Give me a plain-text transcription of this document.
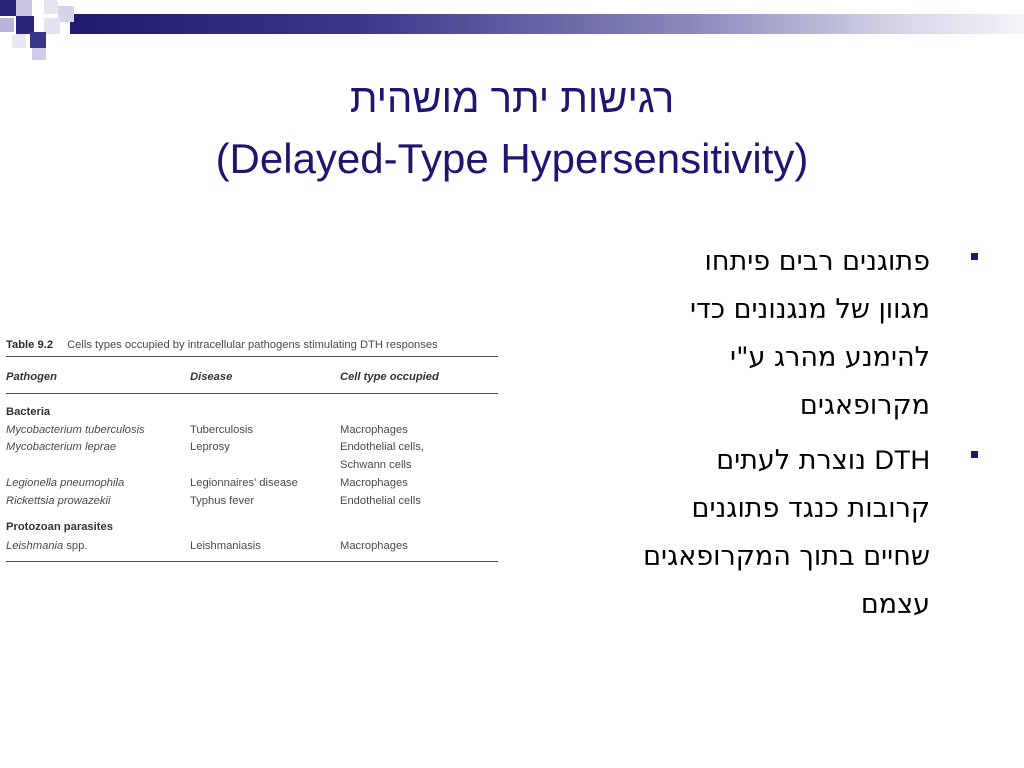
רגישות יתר מושהית
(Delayed-Type Hypersensitivity)
Table 9.2 Cells types occupied by intracellular pathogens stimulating DTH responses
Pathogen	Disease	Cell type occupied
Bacteria
Mycobacterium tuberculosis	Tuberculosis	Macrophages
Mycobacterium leprae	Leprosy	Endothelial cells,
Schwann cells
Legionella pneumophila	Legionnaires' disease	Macrophages
Rickettsia prowazekii	Typhus fever	Endothelial cells
Protozoan parasites
Leishmania spp.	Leishmaniasis	Macrophages
פתוגנים רבים פיתחו
מגוון של מנגנונים כדי
להימנע מהרג ע"י
מקרופאגים
DTH נוצרת לעתים
קרובות כנגד פתוגנים
שחיים בתוך המקרופאגים
עצמם
